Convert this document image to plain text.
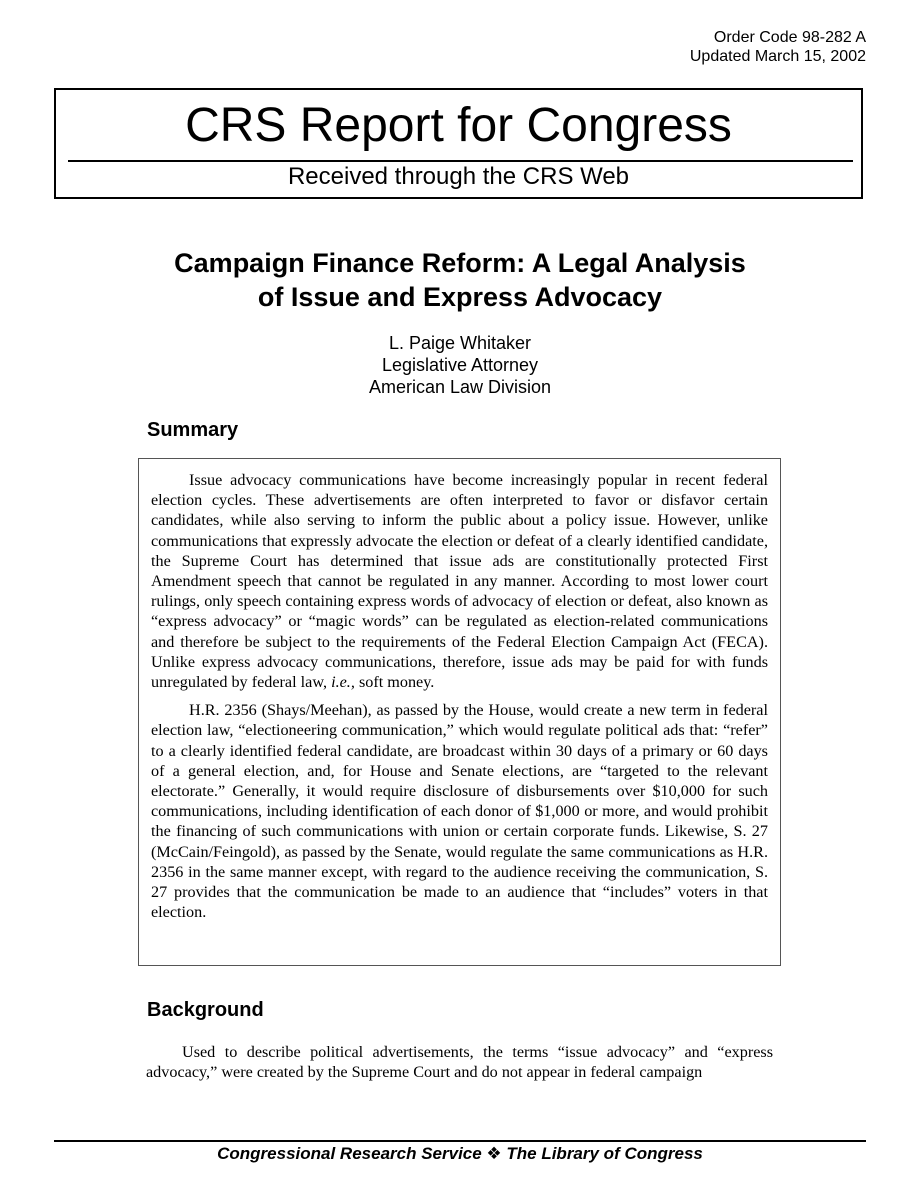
Order Code 98-282 A
Updated March 15, 2002
CRS Report for Congress
Received through the CRS Web
Campaign Finance Reform: A Legal Analysis
of Issue and Express Advocacy
L. Paige Whitaker
Legislative Attorney
American Law Division
Summary

Issue advocacy communications have become increasingly popular in recent federal election cycles. These advertisements are often interpreted to favor or disfavor certain candidates, while also serving to inform the public about a policy issue. However, unlike communications that expressly advocate the election or defeat of a clearly identified candidate, the Supreme Court has determined that issue ads are constitutionally protected First Amendment speech that cannot be regulated in any manner. According to most lower court rulings, only speech containing express words of advocacy of election or defeat, also known as “express advocacy” or “magic words” can be regulated as election-related communications and therefore be subject to the requirements of the Federal Election Campaign Act (FECA). Unlike express advocacy communications, therefore, issue ads may be paid for with funds unregulated by federal law, i.e., soft money.

H.R. 2356 (Shays/Meehan), as passed by the House, would create a new term in federal election law, “electioneering communication,” which would regulate political ads that: “refer” to a clearly identified federal candidate, are broadcast within 30 days of a primary or 60 days of a general election, and, for House and Senate elections, are “targeted to the relevant electorate.” Generally, it would require disclosure of disbursements over $10,000 for such communications, including identification of each donor of $1,000 or more, and would prohibit the financing of such communications with union or certain corporate funds. Likewise, S. 27 (McCain/Feingold), as passed by the Senate, would regulate the same communications as H.R. 2356 in the same manner except, with regard to the audience receiving the communication, S. 27 provides that the communication be made to an audience that “includes” voters in that election.

Background

Used to describe political advertisements, the terms “issue advocacy” and “express advocacy,” were created by the Supreme Court and do not appear in federal campaign

Congressional Research Service ❖ The Library of Congress
